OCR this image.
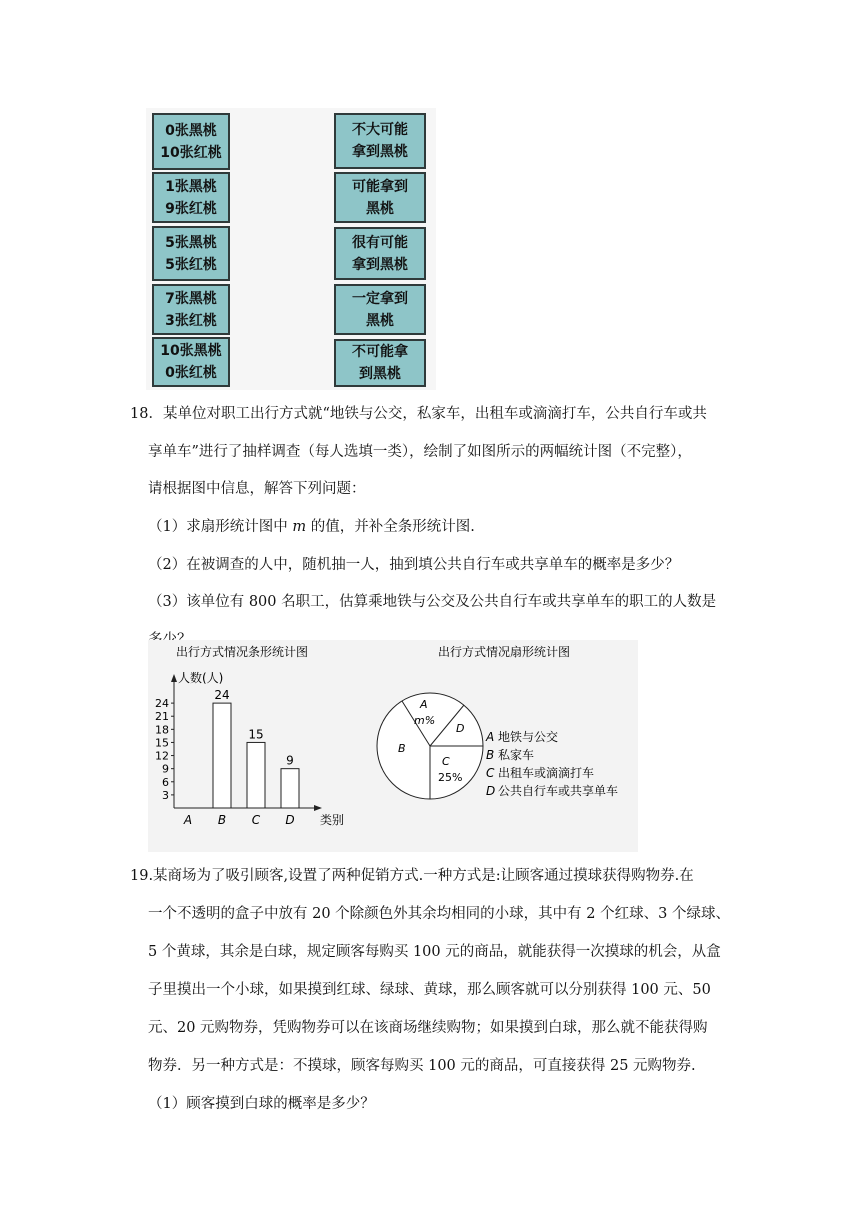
0张黑桃
10张红桃
1张黑桃
9张红桃
5张黑桃
5张红桃
7张黑桃
3张红桃
10张黑桃
0张红桃
不大可能
拿到黑桃
可能拿到
黑桃
很有可能
拿到黑桃
一定拿到
黑桃
不可能拿
到黑桃
18．某单位对职工出行方式就“地铁与公交，私家车，出租车或滴滴打车，公共自行车或共
享单车”进行了抽样调查（每人选填一类），绘制了如图所示的两幅统计图（不完整），
请根据图中信息，解答下列问题：
（1）求扇形统计图中 m 的值，并补全条形统计图.
（2）在被调查的人中，随机抽一人，抽到填公共自行车或共享单车的概率是多少？
（3）该单位有 800 名职工，估算乘地铁与公交及公共自行车或共享单车的职工的人数是
出行方式情况条形统计图	出行方式情况扇形统计图
人数(人)
类别
3
6
9
12
15
18
21
24
A B
24
C
15
D
9
A
m%
D
C
25%
B
A 地铁与公交
B 私家车
C 出租车或滴滴打车
D 公共自行车或共享单车
19.某商场为了吸引顾客,设置了两种促销方式.一种方式是:让顾客通过摸球获得购物券.在
一个不透明的盒子中放有 20 个除颜色外其余均相同的小球，其中有 2 个红球、3 个绿球、
5 个黄球，其余是白球，规定顾客每购买 100 元的商品，就能获得一次摸球的机会，从盒
子里摸出一个小球，如果摸到红球、绿球、黄球，那么顾客就可以分别获得 100 元、50
元、20 元购物券，凭购物券可以在该商场继续购物；如果摸到白球，那么就不能获得购
物券．另一种方式是：不摸球，顾客每购买 100 元的商品，可直接获得 25 元购物券.
（1）顾客摸到白球的概率是多少？
